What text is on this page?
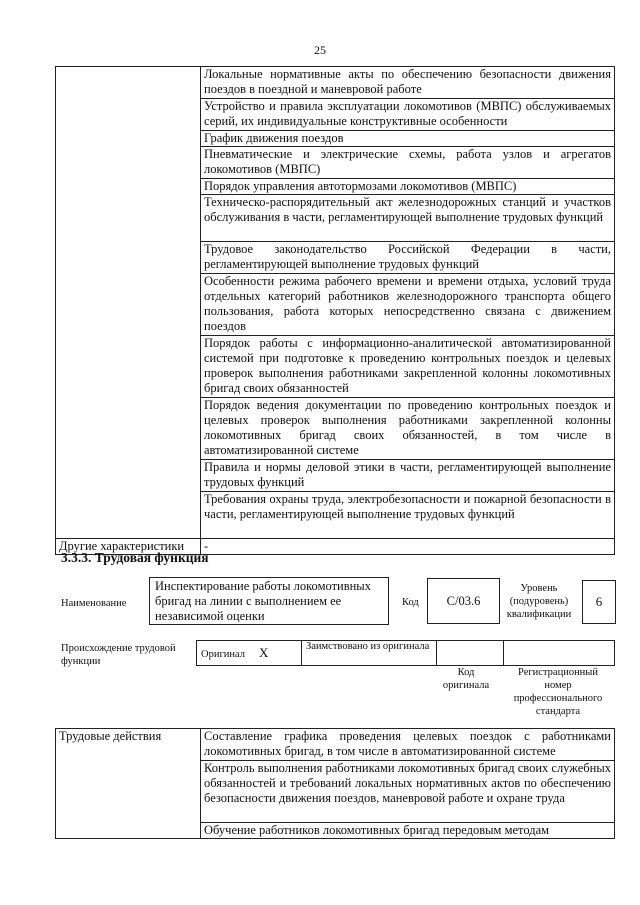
25
	Локальные нормативные акты по обеспечению безопасности движения поездов в поездной и маневровой работе
	Устройство и правила эксплуатации локомотивов (МВПС) обслуживаемых серий, их индивидуальные конструктивные особенности
	График движения поездов
	Пневматические и электрические схемы, работа узлов и агрегатов локомотивов (МВПС)
	Порядок управления автотормозами локомотивов (МВПС)
	Техническо-распорядительный акт железнодорожных станций и участков обслуживания в части, регламентирующей выполнение трудовых функций
	Трудовое законодательство Российской Федерации в части, регламентирующей выполнение трудовых функций
	Особенности режима рабочего времени и времени отдыха, условий труда отдельных категорий работников железнодорожного транспорта общего пользования, работа которых непосредственно связана с движением поездов
	Порядок работы с информационно-аналитической автоматизированной системой при подготовке к проведению контрольных поездок и целевых проверок выполнения работниками закрепленной колонны локомотивных бригад своих обязанностей
	Порядок ведения документации по проведению контрольных поездок и целевых проверок выполнения работниками закрепленной колонны локомотивных бригад своих обязанностей, в том числе в автоматизированной системе
	Правила и нормы деловой этики в части, регламентирующей выполнение трудовых функций
	Требования охраны труда, электробезопасности и пожарной безопасности в части, регламентирующей выполнение трудовых функций
Другие характеристики	-
3.3.3. Трудовая функция
Наименование
Инспектирование работы локомотивных бригад на линии с выполнением ее независимой оценки
Код	C/03.6
Уровень (подуровень) квалификации
6
Происхождение трудовой функции
Оригинал X	Заимствовано из оригинала		
Код оригинала
Регистрационный номер профессионального стандарта
Трудовые действия	Составление графика проведения целевых поездок с работниками локомотивных бригад, в том числе в автоматизированной системе
Контроль выполнения работниками локомотивных бригад своих служебных обязанностей и требований локальных нормативных актов по обеспечению безопасности движения поездов, маневровой работе и охране труда
Обучение работников локомотивных бригад передовым методам
